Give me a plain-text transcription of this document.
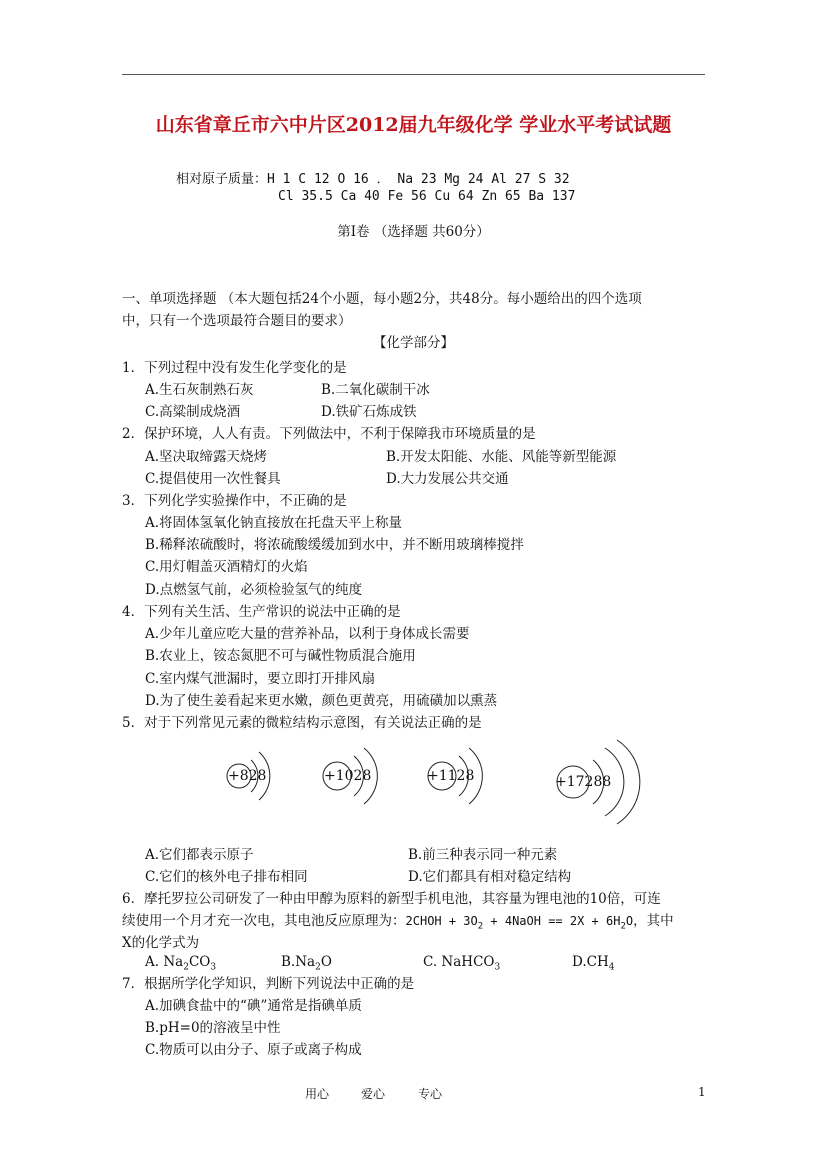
山东省章丘市六中片区2012届九年级化学 学业水平考试试题
相对原子质量：H 1 C 12 O 16 ． Na 23 Mg 24 Al 27 S 32
Cl 35.5 Ca 40 Fe 56 Cu 64 Zn 65 Ba 137
第Ⅰ卷 （选择题 共60分）
一、单项选择题 （本大题包括24个小题，每小题2分，共48分。每小题给出的四个选项
中，只有一个选项最符合题目的要求）
【化学部分】
1．下列过程中没有发生化学变化的是
A.生石灰制熟石灰	B.二氧化碳制干冰
C.高粱制成烧酒	D.铁矿石炼成铁
2．保护环境，人人有责。下列做法中，不利于保障我市环境质量的是
A.坚决取缔露天烧烤	B.开发太阳能、水能、风能等新型能源
C.提倡使用一次性餐具	D.大力发展公共交通
3．下列化学实验操作中，不正确的是
A.将固体氢氧化钠直接放在托盘天平上称量
B.稀释浓硫酸时，将浓硫酸缓缓加到水中，并不断用玻璃棒搅拌
C.用灯帽盖灭酒精灯的火焰
D.点燃氢气前，必须检验氢气的纯度
4．下列有关生活、生产常识的说法中正确的是
A.少年儿童应吃大量的营养补品，以利于身体成长需要
B.农业上，铵态氮肥不可与碱性物质混合施用
C.室内煤气泄漏时，要立即打开排风扇
D.为了使生姜看起来更水嫩，颜色更黄亮，用硫磺加以熏蒸
5．对于下列常见元素的微粒结构示意图，有关说法正确的是
+828	+1028	+1128	+17288
A.它们都表示原子	B.前三种表示同一种元素
C.它们的核外电子排布相同	D.它们都具有相对稳定结构
6．摩托罗拉公司研发了一种由甲醇为原料的新型手机电池，其容量为锂电池的10倍，可连
续使用一个月才充一次电，其电池反应原理为：2CHOH + $3O_2$ + 4NaOH == $2X + 6H_2O$，其中
X的化学式为
A. $Na_2CO_3$	$B.Na_2O$	C. NaHCO$_3$	$D.CH_4$
7．根据所学化学知识，判断下列说法中正确的是
A.加碘食盐中的“碘”通常是指碘单质
B.pH=0的溶液呈中性
C.物质可以由分子、原子或离子构成
用心	爱心	专心	1
